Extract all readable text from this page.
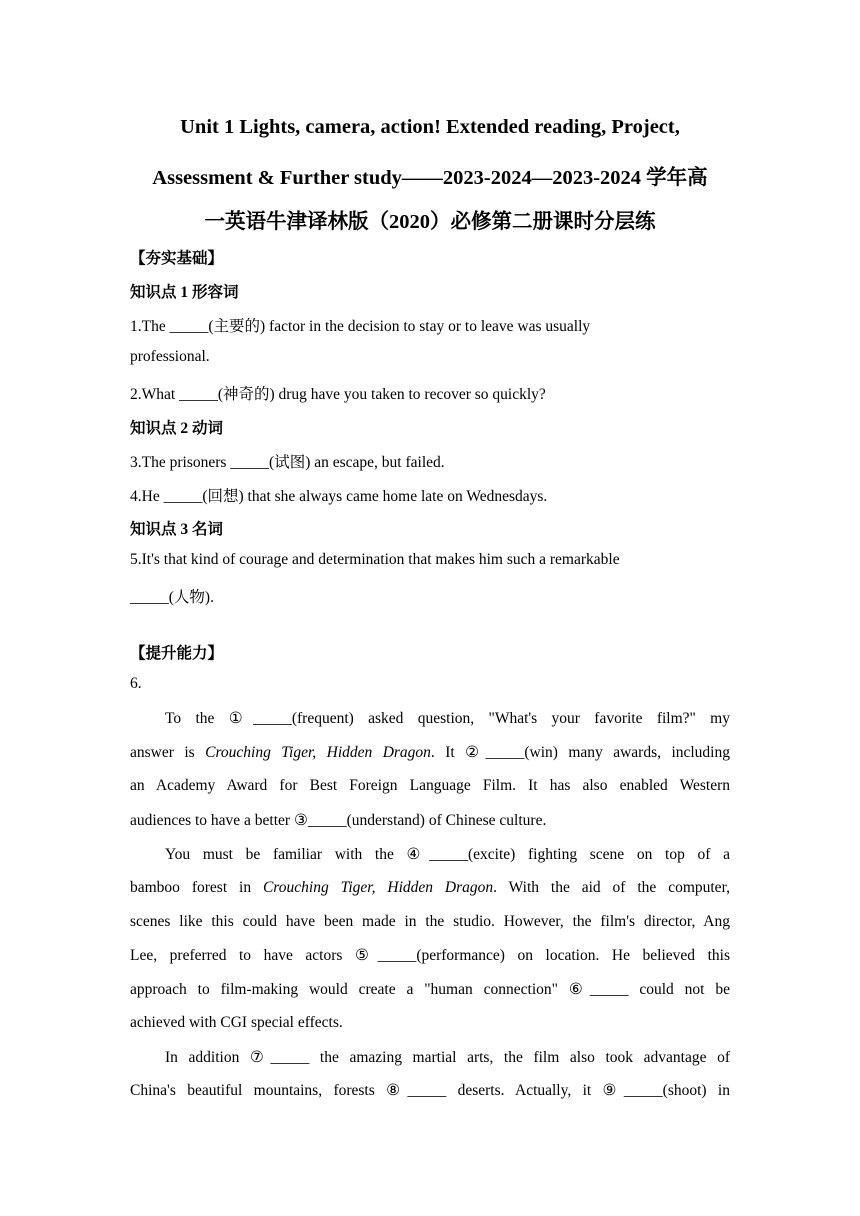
Unit 1 Lights, camera, action! Extended reading, Project,
Assessment & Further study——2023-2024—2023-2024 学年高
一英语牛津译林版（2020）必修第二册课时分层练
【夯实基础】
知识点 1 形容词
1.The _____(主要的) factor in the decision to stay or to leave was usually
professional.
2.What _____(神奇的) drug have you taken to recover so quickly?
知识点 2 动词
3.The prisoners _____(试图) an escape, but failed.
4.He _____(回想) that she always came home late on Wednesdays.
知识点 3 名词
5.It's that kind of courage and determination that makes him such a remarkable
_____(人物).
【提升能力】
6.
To the ①_____(frequent) asked question, "What's your favorite film?" my
answer is Crouching Tiger, Hidden Dragon. It ②_____(win) many awards, including
an Academy Award for Best Foreign Language Film. It has also enabled Western
audiences to have a better ③_____(understand) of Chinese culture.
You must be familiar with the ④_____(excite) fighting scene on top of a
bamboo forest in Crouching Tiger, Hidden Dragon. With the aid of the computer,
scenes like this could have been made in the studio. However, the film's director, Ang
Lee, preferred to have actors ⑤_____(performance) on location. He believed this
approach to film-making would create a "human connection" ⑥_____ could not be
achieved with CGI special effects.
In addition ⑦_____ the amazing martial arts, the film also took advantage of
China's beautiful mountains, forests ⑧_____ deserts. Actually, it ⑨_____(shoot) in
